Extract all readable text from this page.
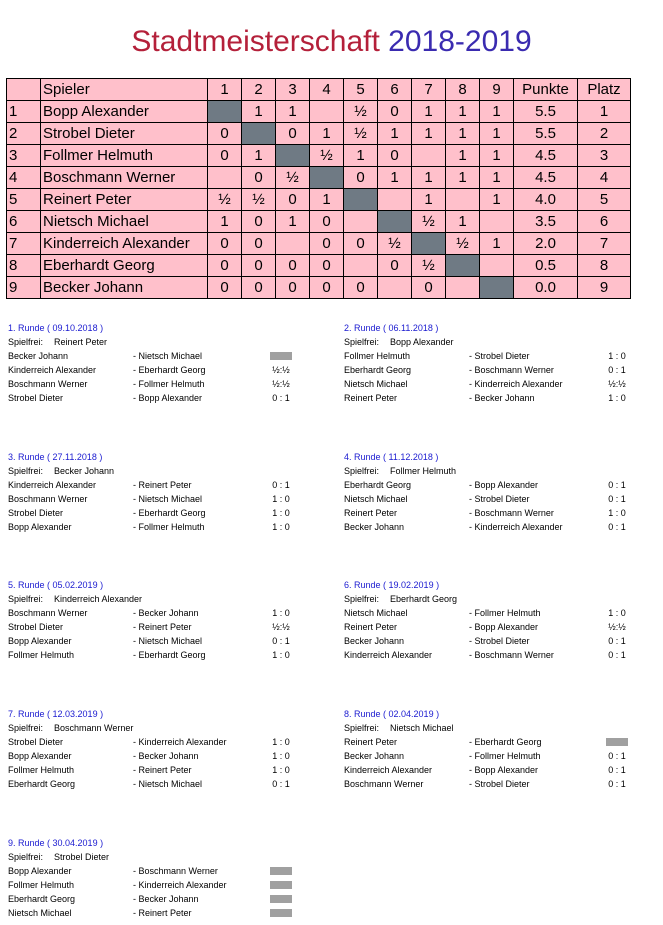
Stadtmeisterschaft 2018-2019
	Spieler	1	2	3	4	5	6	7	8	9	Punkte	Platz
1	Bopp Alexander		1	1		½	0	1	1	1	5.5	1
2	Strobel Dieter	0		0	1	½	1	1	1	1	5.5	2
3	Follmer Helmuth	0	1		½	1	0		1	1	4.5	3
4	Boschmann Werner		0	½		0	1	1	1	1	4.5	4
5	Reinert Peter	½	½	0	1			1		1	4.0	5
6	Nietsch Michael	1	0	1	0			½	1		3.5	6
7	Kinderreich Alexander	0	0		0	0	½		½	1	2.0	7
8	Eberhardt Georg	0	0	0	0		0	½			0.5	8
9	Becker Johann	0	0	0	0	0		0			0.0	9
1. Runde ( 09.10.2018 )
Spielfrei: Reinert Peter
Becker Johann	- Nietsch Michael
Kinderreich Alexander	- Eberhardt Georg	½:½
Boschmann Werner	- Follmer Helmuth	½:½
Strobel Dieter	- Bopp Alexander	0 : 1
2. Runde ( 06.11.2018 )
Spielfrei: Bopp Alexander
Follmer Helmuth	- Strobel Dieter	1 : 0
Eberhardt Georg	- Boschmann Werner	0 : 1
Nietsch Michael	- Kinderreich Alexander	½:½
Reinert Peter	- Becker Johann	1 : 0
3. Runde ( 27.11.2018 )
Spielfrei: Becker Johann
Kinderreich Alexander	- Reinert Peter	0 : 1
Boschmann Werner	- Nietsch Michael	1 : 0
Strobel Dieter	- Eberhardt Georg	1 : 0
Bopp Alexander	- Follmer Helmuth	1 : 0
4. Runde ( 11.12.2018 )
Spielfrei: Follmer Helmuth
Eberhardt Georg	- Bopp Alexander	0 : 1
Nietsch Michael	- Strobel Dieter	0 : 1
Reinert Peter	- Boschmann Werner	1 : 0
Becker Johann	- Kinderreich Alexander	0 : 1
5. Runde ( 05.02.2019 )
Spielfrei: Kinderreich Alexander
Boschmann Werner	- Becker Johann	1 : 0
Strobel Dieter	- Reinert Peter	½:½
Bopp Alexander	- Nietsch Michael	0 : 1
Follmer Helmuth	- Eberhardt Georg	1 : 0
6. Runde ( 19.02.2019 )
Spielfrei: Eberhardt Georg
Nietsch Michael	- Follmer Helmuth	1 : 0
Reinert Peter	- Bopp Alexander	½:½
Becker Johann	- Strobel Dieter	0 : 1
Kinderreich Alexander	- Boschmann Werner	0 : 1
7. Runde ( 12.03.2019 )
Spielfrei: Boschmann Werner
Strobel Dieter	- Kinderreich Alexander	1 : 0
Bopp Alexander	- Becker Johann	1 : 0
Follmer Helmuth	- Reinert Peter	1 : 0
Eberhardt Georg	- Nietsch Michael	0 : 1
8. Runde ( 02.04.2019 )
Spielfrei: Nietsch Michael
Reinert Peter	- Eberhardt Georg
Becker Johann	- Follmer Helmuth	0 : 1
Kinderreich Alexander	- Bopp Alexander	0 : 1
Boschmann Werner	- Strobel Dieter	0 : 1
9. Runde ( 30.04.2019 )
Spielfrei: Strobel Dieter
Bopp Alexander	- Boschmann Werner
Follmer Helmuth	- Kinderreich Alexander
Eberhardt Georg	- Becker Johann
Nietsch Michael	- Reinert Peter
